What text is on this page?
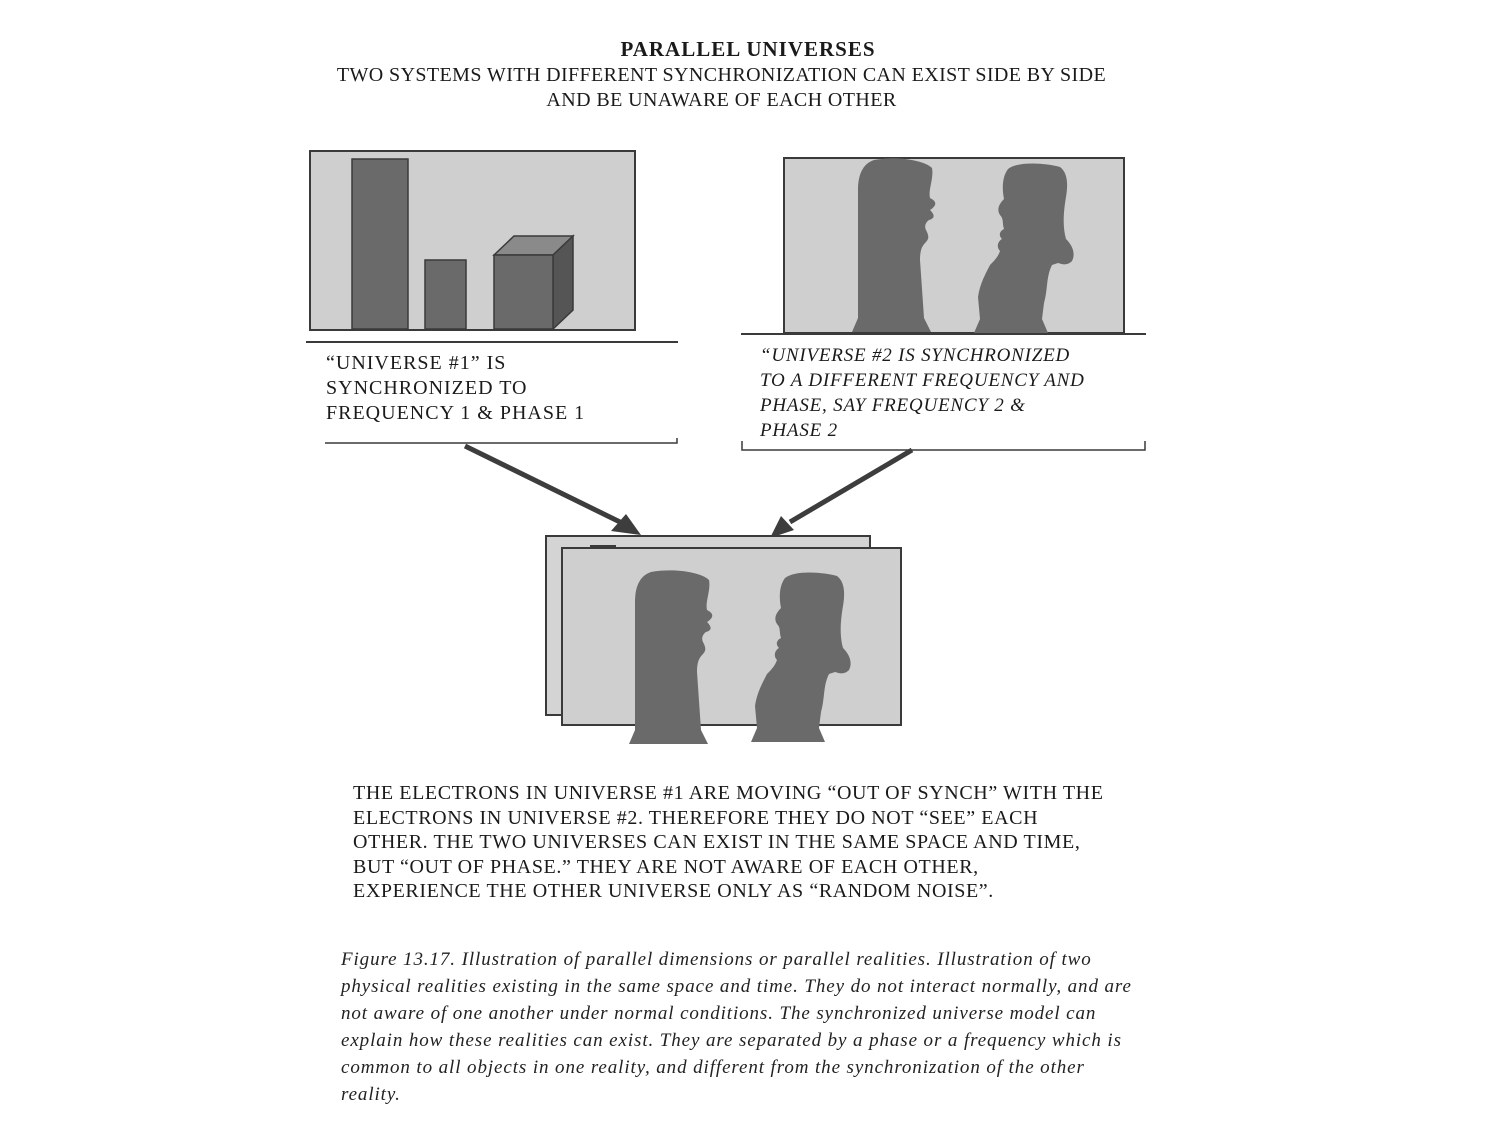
PARALLEL UNIVERSES
TWO SYSTEMS WITH DIFFERENT SYNCHRONIZATION CAN EXIST SIDE BY SIDE
AND BE UNAWARE OF EACH OTHER
“UNIVERSE #1” IS
SYNCHRONIZED TO
FREQUENCY 1 & PHASE 1
“UNIVERSE #2 IS SYNCHRONIZED
TO A DIFFERENT FREQUENCY AND
PHASE, SAY FREQUENCY 2 &
PHASE 2
THE ELECTRONS IN UNIVERSE #1 ARE MOVING “OUT OF SYNCH” WITH THE
ELECTRONS IN UNIVERSE #2. THEREFORE THEY DO NOT “SEE” EACH
OTHER. THE TWO UNIVERSES CAN EXIST IN THE SAME SPACE AND TIME,
BUT “OUT OF PHASE.” THEY ARE NOT AWARE OF EACH OTHER,
EXPERIENCE THE OTHER UNIVERSE ONLY AS “RANDOM NOISE”.
Figure 13.17. Illustration of parallel dimensions or parallel realities. Illustration of two
physical realities existing in the same space and time. They do not interact normally, and are
not aware of one another under normal conditions. The synchronized universe model can
explain how these realities can exist. They are separated by a phase or a frequency which is
common to all objects in one reality, and different from the synchronization of the other
reality.
